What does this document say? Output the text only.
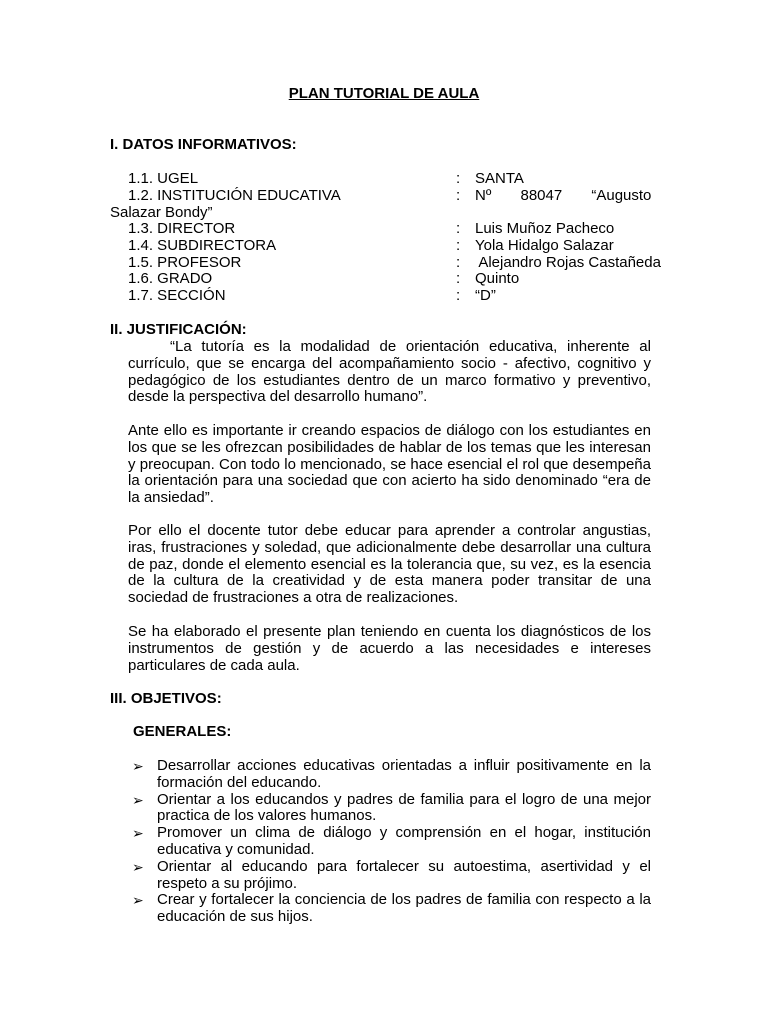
PLAN TUTORIAL DE AULA
I. DATOS INFORMATIVOS:
1.1. UGEL	: SANTA
1.2. INSTITUCIÓN EDUCATIVA	: Nº       88047       “Augusto
Salazar Bondy”
1.3. DIRECTOR	: Luis Muñoz Pacheco
1.4. SUBDIRECTORA	: Yola Hidalgo Salazar
1.5. PROFESOR	: Alejandro Rojas Castañeda
1.6. GRADO	: Quinto
1.7. SECCIÓN	: “D”
II. JUSTIFICACIÓN:
“La tutoría es la modalidad de orientación educativa, inherente al currículo, que se encarga del acompañamiento socio - afectivo, cognitivo y pedagógico de los estudiantes dentro de un marco formativo y preventivo, desde la perspectiva del desarrollo humano”.
Ante ello es importante ir creando espacios de diálogo con los estudiantes en los que se les ofrezcan posibilidades de hablar de los temas que les interesan y preocupan. Con todo lo mencionado, se hace esencial el rol que desempeña la orientación para una sociedad que con acierto ha sido denominado “era de la ansiedad”.
Por ello el docente tutor debe educar para aprender a controlar angustias, iras, frustraciones y soledad, que adicionalmente debe desarrollar una cultura de paz, donde el elemento esencial es la tolerancia que, su vez, es la esencia de la cultura de la creatividad y de esta manera poder transitar de una sociedad de frustraciones a otra de realizaciones.
Se ha elaborado el presente plan teniendo en cuenta los diagnósticos de los instrumentos de gestión y de acuerdo a las necesidades e intereses particulares de cada aula.
III. OBJETIVOS:
GENERALES:
➢ Desarrollar acciones educativas orientadas a influir positivamente en la formación del educando.
➢ Orientar a los educandos y padres de familia para el logro de una mejor practica de los valores humanos.
➢ Promover un clima de diálogo y comprensión en el hogar, institución educativa y comunidad.
➢ Orientar al educando para fortalecer su autoestima, asertividad y el respeto a su prójimo.
➢ Crear y fortalecer la conciencia de los padres de familia con respecto a la educación de sus hijos.
